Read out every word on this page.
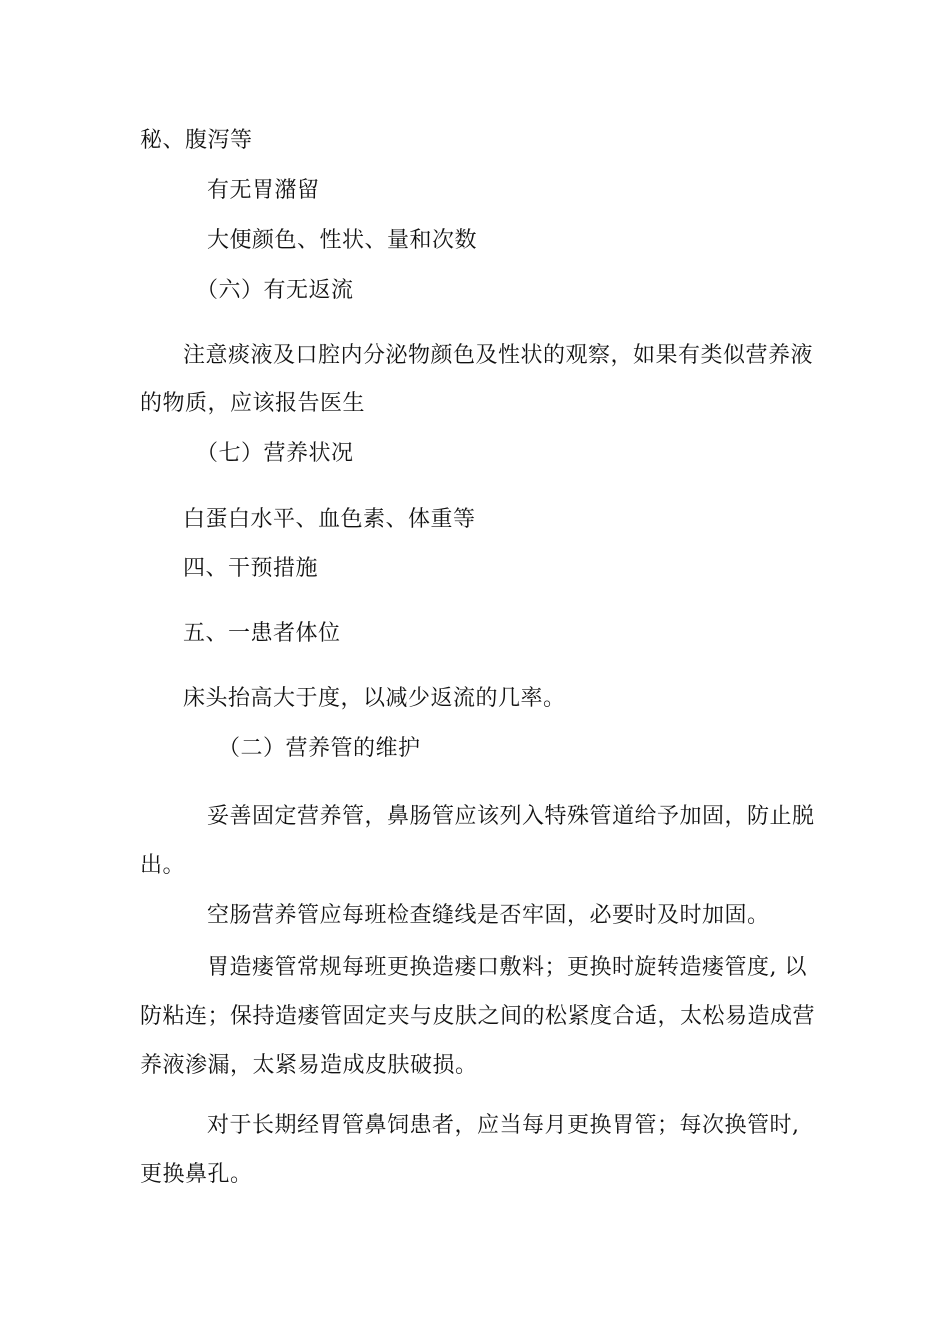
秘、腹泻等
有无胃潴留
大便颜色、性状、量和次数
（六）有无返流
注意痰液及口腔内分泌物颜色及性状的观察，如果有类似营养液
的物质，应该报告医生
（七）营养状况
白蛋白水平、血色素、体重等
四、干预措施
五、一患者体位
床头抬高大于度，以减少返流的几率。
（二）营养管的维护
妥善固定营养管，鼻肠管应该列入特殊管道给予加固，防止脱
出。
空肠营养管应每班检查缝线是否牢固，必要时及时加固。
胃造瘘管常规每班更换造瘘口敷料；更换时旋转造瘘管度, 以
防粘连；保持造瘘管固定夹与皮肤之间的松紧度合适，太松易造成营
养液渗漏，太紧易造成皮肤破损。
对于长期经胃管鼻饲患者，应当每月更换胃管；每次换管时,
更换鼻孔。
